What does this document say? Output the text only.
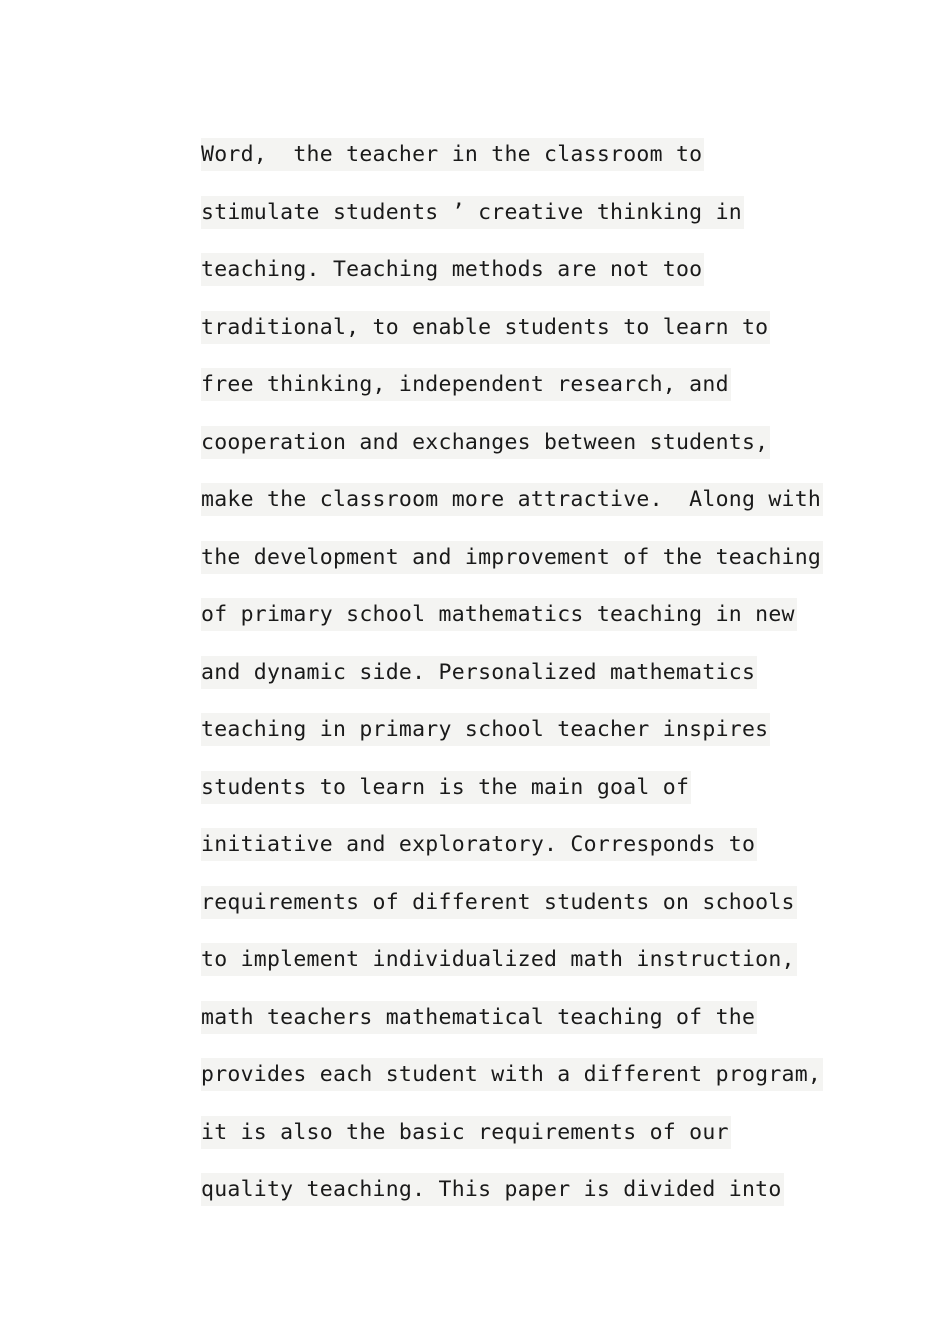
Word,  the teacher in the classroom to
stimulate students ’ creative thinking in
teaching. Teaching methods are not too
traditional, to enable students to learn to
free thinking, independent research, and
cooperation and exchanges between students,
make the classroom more attractive.  Along with
the development and improvement of the teaching
of primary school mathematics teaching in new
and dynamic side. Personalized mathematics
teaching in primary school teacher inspires
students to learn is the main goal of
initiative and exploratory. Corresponds to
requirements of different students on schools
to implement individualized math instruction,
math teachers mathematical teaching of the
provides each student with a different program,
it is also the basic requirements of our
quality teaching. This paper is divided into
